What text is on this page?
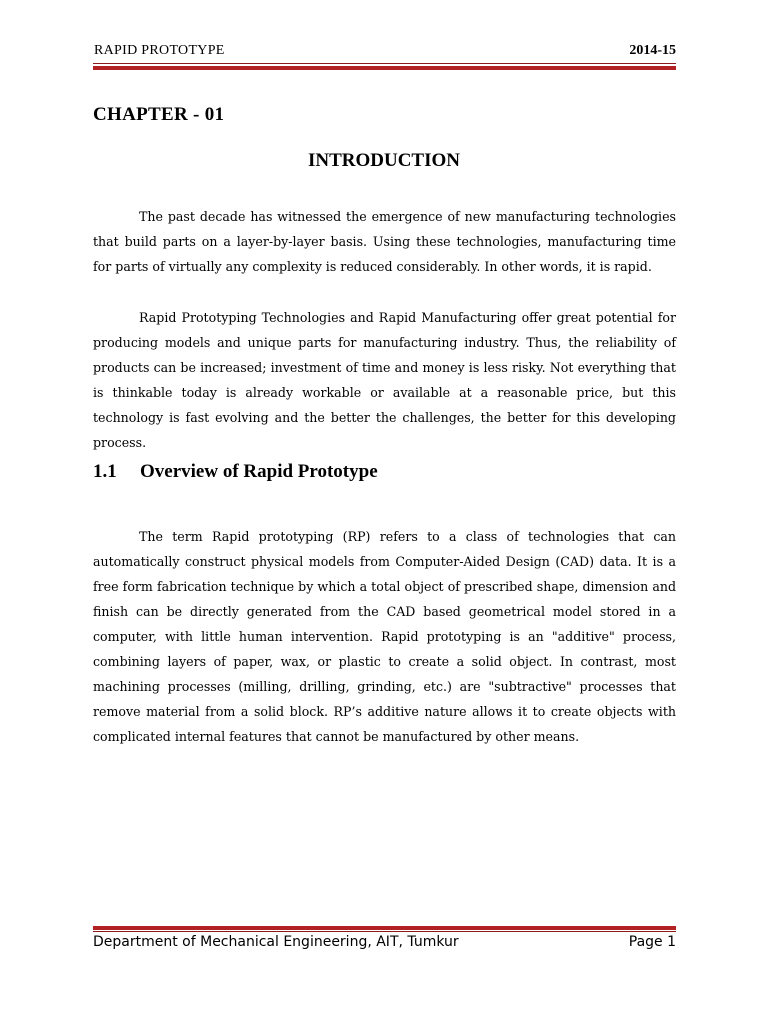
RAPID PROTOTYPE	2014-15
CHAPTER - 01
INTRODUCTION

The past decade has witnessed the emergence of new manufacturing technologies that build parts on a layer-by-layer basis. Using these technologies, manufacturing time for parts of virtually any complexity is reduced considerably. In other words, it is rapid.

Rapid Prototyping Technologies and Rapid Manufacturing offer great potential for producing models and unique parts for manufacturing industry. Thus, the reliability of products can be increased; investment of time and money is less risky. Not everything that is thinkable today is already workable or available at a reasonable price, but this technology is fast evolving and the better the challenges, the better for this developing process.

1.1 Overview of Rapid Prototype

The term Rapid prototyping (RP) refers to a class of technologies that can automatically construct physical models from Computer-Aided Design (CAD) data. It is a free form fabrication technique by which a total object of prescribed shape, dimension and finish can be directly generated from the CAD based geometrical model stored in a computer, with little human intervention. Rapid prototyping is an "additive" process, combining layers of paper, wax, or plastic to create a solid object. In contrast, most machining processes (milling, drilling, grinding, etc.) are "subtractive" processes that remove material from a solid block. RP’s additive nature allows it to create objects with complicated internal features that cannot be manufactured by other means.

Department of Mechanical Engineering, AIT, Tumkur	Page 1
